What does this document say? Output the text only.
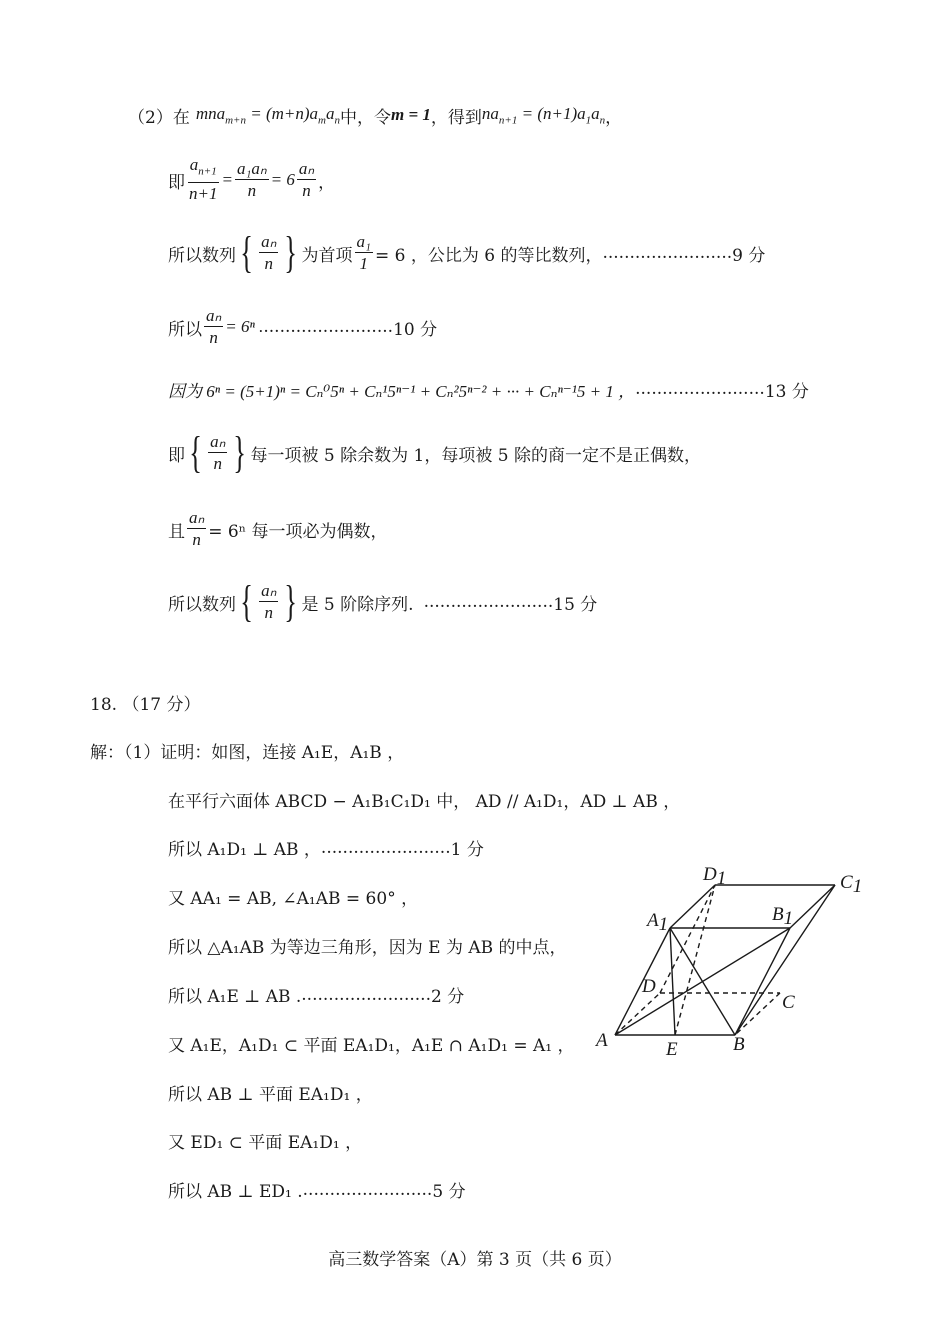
（2） 在 $mna_{m+n} = (m+n)a_ma_n$ 中，令 m = 1 ，得到 $na_{n+1} = (n+1)a_1a_n$ ，
即 $\frac{a_{n+1}}{n+1} = \frac{\text{a₁aₙ}}{n} = 6 \frac{\text{aₙ}}{n}$ ，
所以数列 { $\frac{\text{aₙ}}{n}$ } 为首项 $\frac{\text{a₁}}{1} = 6$ ，公比为 6 的等比数列， ........................ 9 分
所以 $\frac{\text{aₙ}}{n} = 6^n$ . ........................ 10 分
因为 6ⁿ = (5+1)ⁿ = Cₙ⁰5ⁿ + Cₙ¹5ⁿ⁻¹ + Cₙ²5ⁿ⁻² + ··· + Cₙⁿ⁻¹5 + 1 ， ........................ 13 分
即 { $\frac{\text{aₙ}}{n}$ } 每一项被 5 除余数为 1，每项被 5 除的商一定不是正偶数，
且 $\frac{\text{aₙ}}{n} = 6^n$ 每一项必为偶数，
所以数列 { $\frac{\text{aₙ}}{n}$ } 是 5 阶除序列. ........................ 15 分
18. （17 分）
解：（1）证明：如图，连接 A₁E，A₁B ，
在平行六面体 ABCD − A₁B₁C₁D₁ 中， AD // A₁D₁，AD ⊥ AB ，
所以 A₁D₁ ⊥ AB ， ........................ 1 分
又 AA₁ = AB, ∠A₁AB = 60° ，
所以 △A₁AB 为等边三角形，因为 E 为 AB 的中点，
所以 A₁E ⊥ AB . ........................ 2 分
又 A₁E，A₁D₁ ⊂ 平面 EA₁D₁，A₁E ∩ A₁D₁ = A₁ ，
所以 AB ⊥ 平面 EA₁D₁ ，
又 ED₁ ⊂ 平面 EA₁D₁ ，
所以 AB ⊥ ED₁ . ........................ 5 分
D1	C1
A1	B1
D
A	E	B
C
高三数学答案（A）第 3 页（共 6 页）
